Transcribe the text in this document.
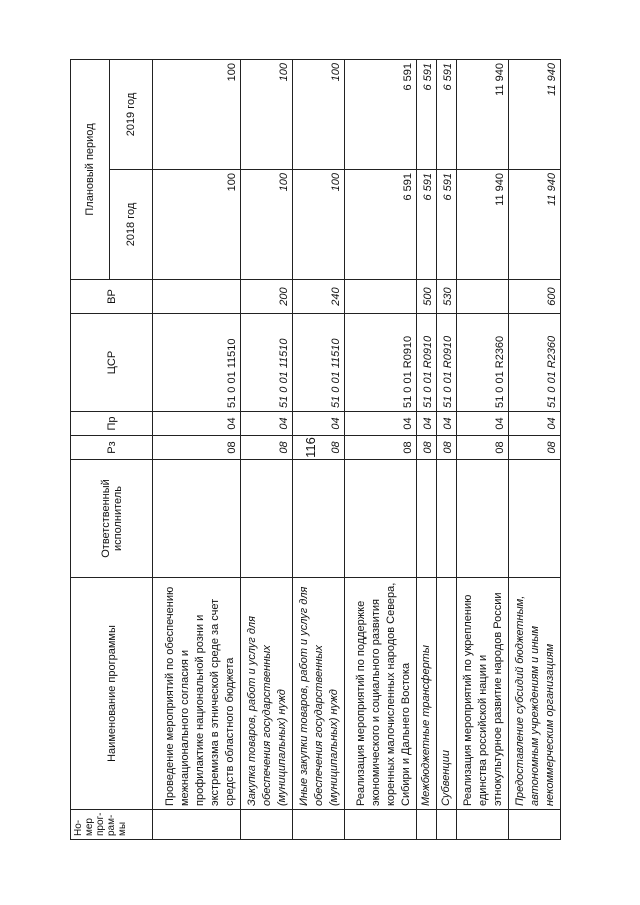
116
Но-мер прог-рам-мы	Наименование программы	Ответственный исполнитель	Рз	Пр	ЦСР	ВР	Плановый период	
							2018 год	2019 год
	Проведение мероприятий по обеспечению межнационального согласия и профилактике национальной розни и экстремизма в этнической среде за счет средств областного бюджета		08	04	51 0 01 11510		100	100
	Закупка товаров, работ и услуг для обеспечения государственных (муниципальных) нужд		08	04	51 0 01 11510	200	100	100
	Иные закупки товаров, работ и услуг для обеспечения государственных (муниципальных) нужд		08	04	51 0 01 11510	240	100	100
	Реализация мероприятий по поддержке экономического и социального развития коренных малочисленных народов Севера, Сибири и Дальнего Востока		08	04	51 0 01 R0910		6 591	6 591
	Межбюджетные трансферты		08	04	51 0 01 R0910	500	6 591	6 591
	Субвенции		08	04	51 0 01 R0910	530	6 591	6 591
	Реализация мероприятий по укреплению единства российской нации и этнокультурное развитие народов России		08	04	51 0 01 R2360		11 940	11 940
	Предоставление субсидий бюджетным, автономным учреждениям и иным некоммерческим организациям		08	04	51 0 01 R2360	600	11 940	11 940
